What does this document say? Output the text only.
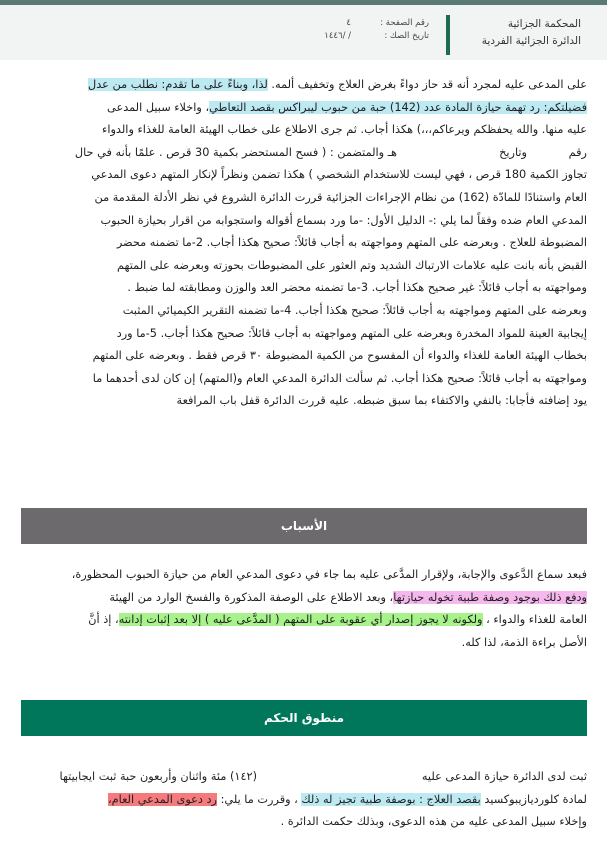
المحكمة الجزائية
الدائرة الجزائية الفردية
رقم الصفحة :
٤
تاريخ الصك :
/ /١٤٤٦

على المدعى عليه لمجرد أنه قد حاز دواءً بغرض العلاج وتخفيف ألمه. لذا، وبناءً على ما تقدم: نطلب من عدل

فضيلتكم: رد تهمة حيازة المادة عدد (142) حبة من حبوب ليبراكس بقصد التعاطي، واخلاء سبيل المدعى

عليه منها. والله يحفظكم ويرعاكم،،،) هكذا أجاب. ثم جرى الاطلاع على خطاب الهيئة العامة للغذاء والدواء

رقم
وتاريخ
هـ والمتضمن : ( فسح المستحضر بكمية 30 قرص . علمًا بأنه في حال

تجاوز الكمية 180 قرص ، فهي ليست للاستخدام الشخصي ) هكذا تضمن ونظراً لإنكار المتهم دعوى المدعي

العام واستنادًا للمادّة (162) من نظام الإجراءات الجزائية قررت الدائرة الشروع في نظر الأدلة المقدمة من

المدعي العام ضده وفقاً لما يلي :- الدليل الأول: -ما ورد بسماع أقواله واستجوابه من اقرار بحيازة الحبوب

المضبوطة للعلاج . وبعرضه على المتهم ومواجهته به أجاب قائلاً: صحيح هكذا أجاب. 2-ما تضمنه محضر

القبض بأنه بانت عليه علامات الارتباك الشديد وتم العثور على المضبوطات بحوزته وبعرضه على المتهم

ومواجهته به أجاب قائلاً: غير صحيح هكذا أجاب. 3-ما تضمنه محضر العد والوزن ومطابقته لما ضبط .

وبعرضه على المتهم ومواجهته به أجاب قائلاً: صحيح هكذا أجاب. 4-ما تضمنه التقرير الكيميائي المثبت

إيجابية العينة للمواد المخدرة وبعرضه على المتهم ومواجهته به أجاب قائلاً: صحيح هكذا أجاب. 5-ما ورد

بخطاب الهيئة العامة للغذاء والدواء أن المفسوح من الكمية المضبوطة ٣٠ قرص فقط . وبعرضه على المتهم

ومواجهته به أجاب قائلاً: صحيح هكذا أجاب. ثم سألت الدائرة المدعي العام و(المتهم) إن كان لدى أحدهما ما

يود إضافته فأجابا: بالنفي والاكتفاء بما سبق ضبطه. عليه قررت الدائرة قفل باب المرافعة

الأسباب

فبعد سماع الدَّعوى والإجابة، ولإقرار المدَّعى عليه بما جاء في دعوى المدعي العام من حيازة الحبوب المحظورة،

ودفع ذلك بوجود وصفة طبية تخوله حيازتها، وبعد الاطلاع على الوصفة المذكورة والفسخ الوارد من الهيئة

العامة للغذاء والدواء ، ولكونه لا يجوز إصدار أي عقوبة على المتهم ( المدَّعى عليه ) إلا بعد إثبات إدانته، إذ أنَّ

الأصل براءة الذمة، لذا كله.

منطوق الحكم

ثبت لدى الدائرة حيازة المدعى عليه
(١٤٢) مئة واثنان وأربعون حبة ثبت ايجابيتها

لمادة كلورديازيبوكسيد بقصد العلاج : بوصفة طبية تجيز له ذلك ، وقررت ما يلي: رد دعوى المدعي العام،

وإخلاء سبيل المدعى عليه من هذه الدعوى، وبذلك حكمت الدائرة .
